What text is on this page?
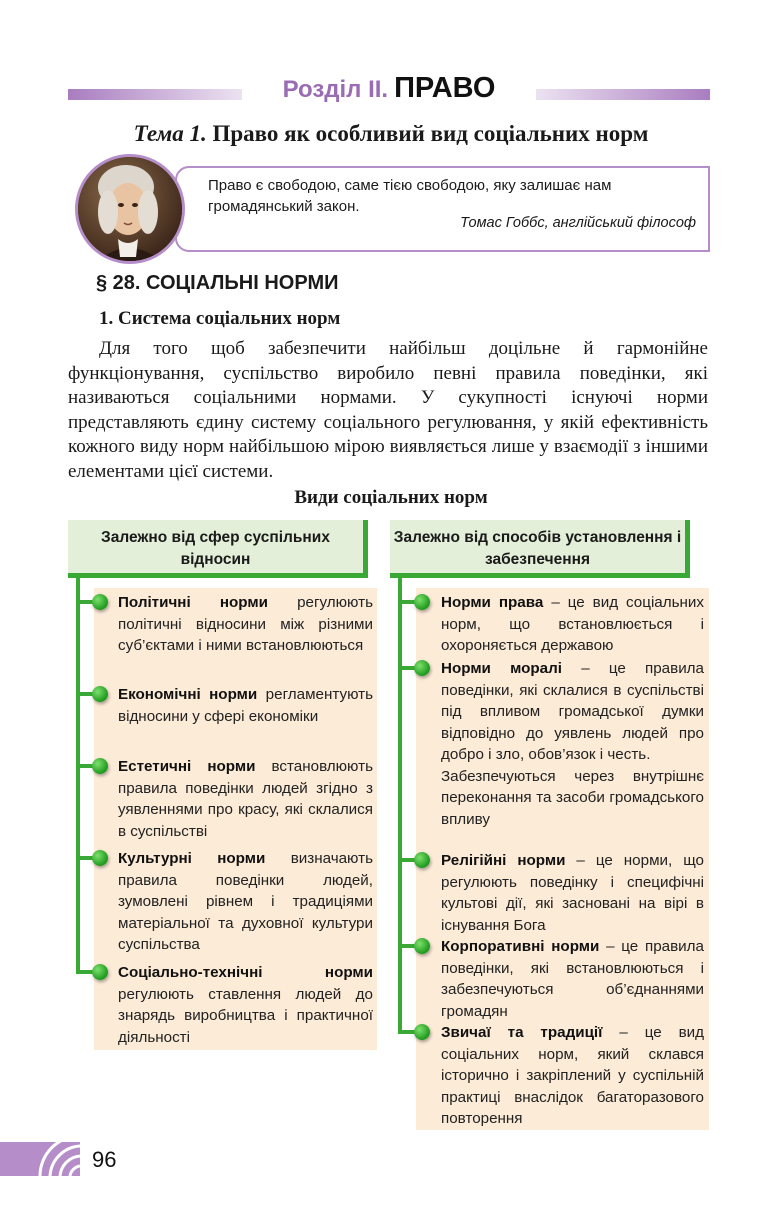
Розділ II. ПРАВО
Тема 1. Право як особливий вид соціальних норм
Право є свободою, саме тією свободою, яку залишає нам громадянський закон.
Томас Гоббс, англійський філософ
§ 28. СОЦІАЛЬНІ НОРМИ
1. Система соціальних норм

Для того щоб забезпечити найбільш доцільне й гармонійне функціонування, суспільство виробило певні правила поведінки, які називаються соціальними нормами. У сукупності існуючі норми представляють єдину систему соціального регулювання, у якій ефективність кожного виду норм найбільшою мірою виявляється лише у взаємодії з іншими елементами цієї системи.

Види соціальних норм
Залежно від сфер суспільних відносин
Залежно від способів установлення і забезпечення
Політичні норми регулюють політичні відносини між різними суб’єктами і ними встановлюються
Економічні норми регламентують відносини у сфері економіки
Естетичні норми встановлюють правила поведінки людей згідно з уявленнями про красу, які склалися в суспільстві
Культурні норми визначають правила поведінки людей, зумовлені рівнем і традиціями матеріальної та духовної культури суспільства
Соціально-технічні норми регулюють ставлення людей до знарядь виробництва і практичної діяльності
Норми права – це вид соціальних норм, що встановлюється і охороняється державою

Норми моралі – це правила поведінки, які склалися в суспільстві під впливом громадської думки відповідно до уявлень людей про добро і зло, обов’язок і честь.

Забезпечуються через внутрішнє переконання та засоби громадського впливу

Релігійні норми – це норми, що регулюють поведінку і специфічні культові дії, які засновані на вірі в існування Бога
Корпоративні норми – це правила поведінки, які встановлюються і забезпечуються об’єднаннями громадян
Звичаї та традиції – це вид соціальних норм, який склався історично і закріплений у суспільній практиці внаслідок багаторазового повторення
96
